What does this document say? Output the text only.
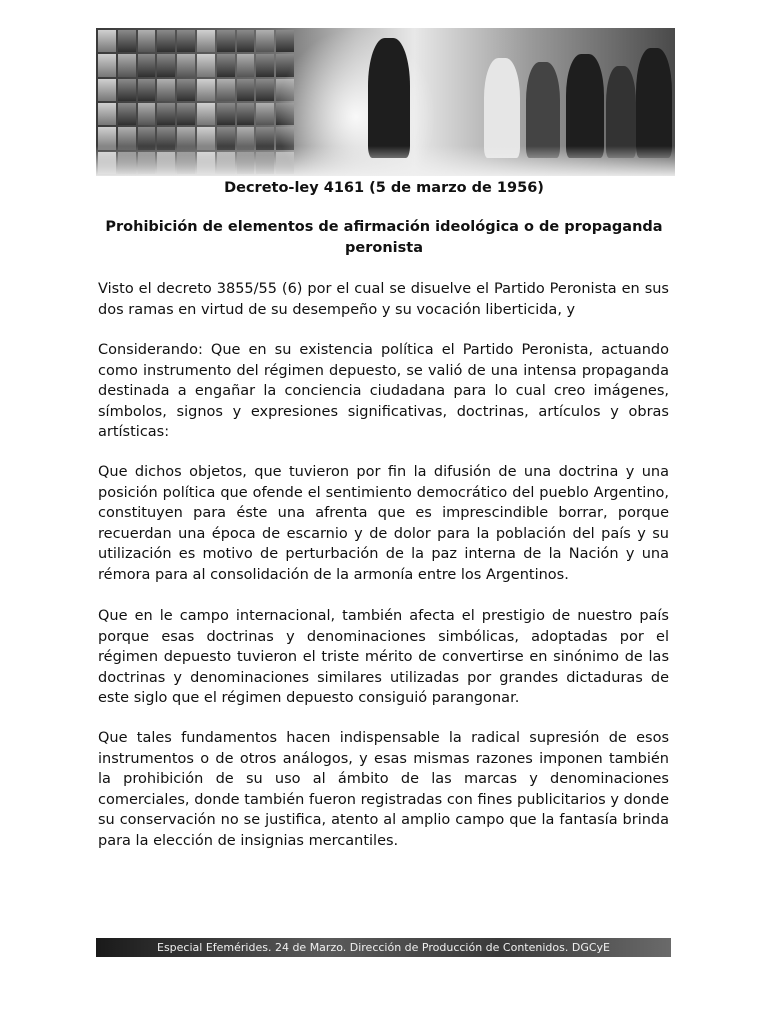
Decreto-ley 4161 (5 de marzo de 1956)
Prohibición de elementos de afirmación ideológica o de propaganda peronista

Visto el decreto 3855/55 (6) por el cual se disuelve el Partido Peronista en sus dos ramas en virtud de su desempeño y su vocación liberticida, y

Considerando: Que en su existencia política el Partido Peronista, actuando como instrumento del régimen depuesto, se valió de una intensa propaganda destinada a engañar la conciencia ciudadana para lo cual creo imágenes, símbolos, signos y expresiones significativas, doctrinas, artículos y obras artísticas:

Que dichos objetos, que tuvieron por fin la difusión de una doctrina y una posición política que ofende el sentimiento democrático del pueblo Argentino, constituyen para éste una afrenta que es imprescindible borrar, porque recuerdan una época de escarnio y de dolor para la población del país y su utilización es motivo de perturbación de la paz interna de la Nación y una rémora para al consolidación de la armonía entre los Argentinos.

Que en le campo internacional, también afecta el prestigio de nuestro país porque esas doctrinas y denominaciones simbólicas, adoptadas por el régimen depuesto tuvieron el triste mérito de convertirse en sinónimo de las doctrinas y denominaciones similares utilizadas por grandes dictaduras de este siglo que el régimen depuesto consiguió parangonar.

Que tales fundamentos hacen indispensable la radical supresión de esos instrumentos o de otros análogos, y esas mismas razones imponen también la prohibición de su uso al ámbito de las marcas y denominaciones comerciales, donde también fueron registradas con fines publicitarios y donde su conservación no se justifica, atento al amplio campo que la fantasía brinda para la elección de insignias mercantiles.

Especial Efemérides. 24 de Marzo. Dirección de Producción de Contenidos. DGCyE
